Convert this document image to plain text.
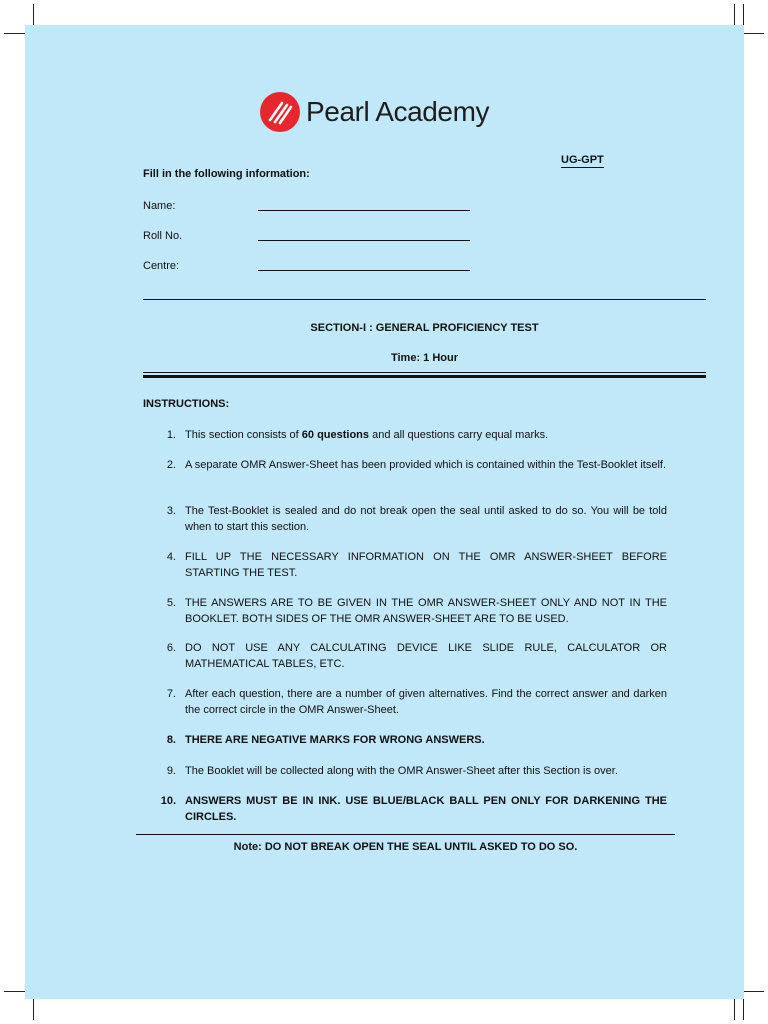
Pearl Academy
UG-GPT
Fill in the following information:
Name:
Roll No.
Centre:
SECTION-I : GENERAL PROFICIENCY TEST
Time: 1 Hour
INSTRUCTIONS:
1. This section consists of 60 questions and all questions carry equal marks.
2. A separate OMR Answer-Sheet has been provided which is contained within the Test-Booklet itself.
3. The Test-Booklet is sealed and do not break open the seal until asked to do so. You will be told when to start this section.
4. FILL UP THE NECESSARY INFORMATION ON THE OMR ANSWER-SHEET BEFORE STARTING THE TEST.
5. THE ANSWERS ARE TO BE GIVEN IN THE OMR ANSWER-SHEET ONLY AND NOT IN THE BOOKLET. BOTH SIDES OF THE OMR ANSWER-SHEET ARE TO BE USED.
6. DO NOT USE ANY CALCULATING DEVICE LIKE SLIDE RULE, CALCULATOR OR MATHEMATICAL TABLES, ETC.
7. After each question, there are a number of given alternatives. Find the correct answer and darken the correct circle in the OMR Answer-Sheet.
8. THERE ARE NEGATIVE MARKS FOR WRONG ANSWERS.
9. The Booklet will be collected along with the OMR Answer-Sheet after this Section is over.
10. ANSWERS MUST BE IN INK. USE BLUE/BLACK BALL PEN ONLY FOR DARKENING THE CIRCLES.
Note: DO NOT BREAK OPEN THE SEAL UNTIL ASKED TO DO SO.
